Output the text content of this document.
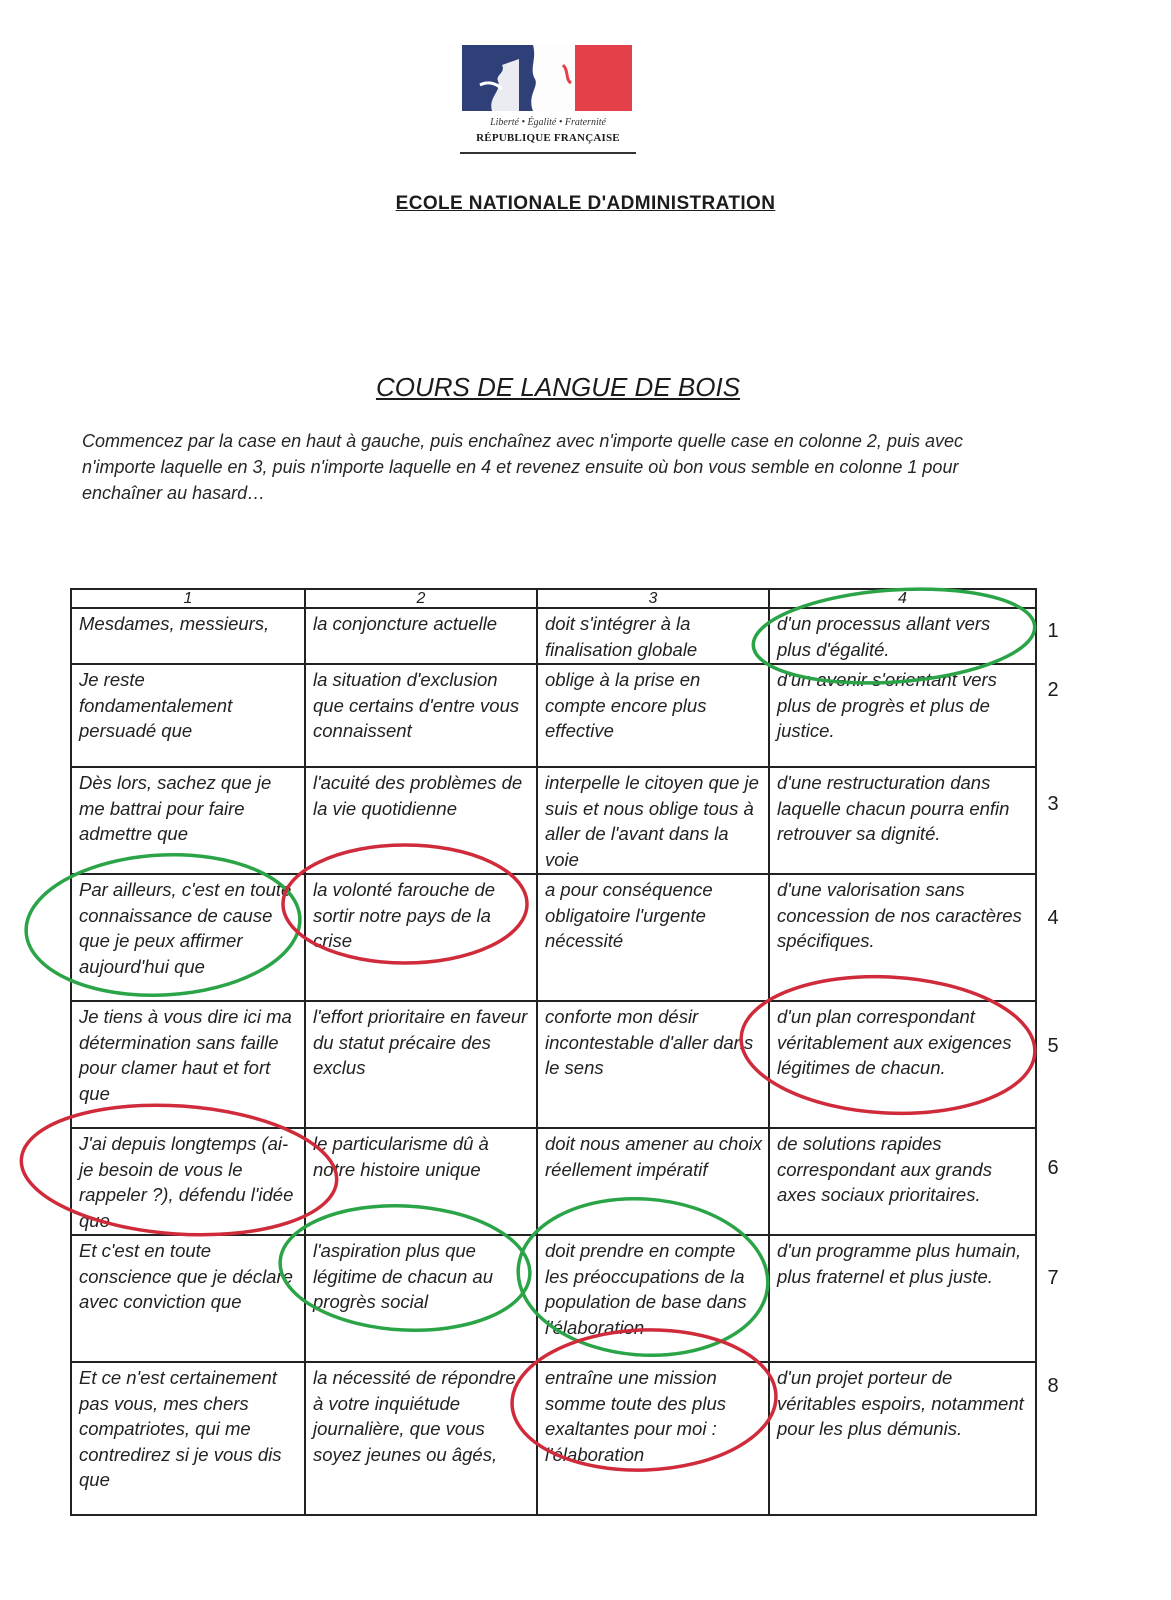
Liberté • Égalité • Fraternité
RÉPUBLIQUE FRANÇAISE
ECOLE NATIONALE D'ADMINISTRATION
COURS DE LANGUE DE BOIS
Commencez par la case en haut à gauche, puis enchaînez avec n'importe quelle case en colonne 2, puis avec n'importe laquelle en 3, puis n'importe laquelle en 4 et revenez ensuite où bon vous semble en colonne 1 pour enchaîner au hasard…
1	2	3	4
Mesdames, messieurs,	la conjoncture actuelle	doit s'intégrer à la finalisation globale	d'un processus allant vers plus d'égalité.
Je reste fondamentalement persuadé que	la situation d'exclusion que certains d'entre vous connaissent	oblige à la prise en compte encore plus effective	d'un avenir s'orientant vers plus de progrès et plus de justice.
Dès lors, sachez que je me battrai pour faire admettre que	l'acuité des problèmes de la vie quotidienne	interpelle le citoyen que je suis et nous oblige tous à aller de l'avant dans la voie	d'une restructuration dans laquelle chacun pourra enfin retrouver sa dignité.
Par ailleurs, c'est en toute connaissance de cause que je peux affirmer aujourd'hui que	la volonté farouche de sortir notre pays de la crise	a pour conséquence obligatoire l'urgente nécessité	d'une valorisation sans concession de nos caractères spécifiques.
Je tiens à vous dire ici ma détermination sans faille pour clamer haut et fort que	l'effort prioritaire en faveur du statut précaire des exclus	conforte mon désir incontestable d'aller dans le sens	d'un plan correspondant véritablement aux exigences légitimes de chacun.
J'ai depuis longtemps (ai-je besoin de vous le rappeler ?), défendu l'idée que	le particularisme dû à notre histoire unique	doit nous amener au choix réellement impératif	de solutions rapides correspondant aux grands axes sociaux prioritaires.
Et c'est en toute conscience que je déclare avec conviction que	l'aspiration plus que légitime de chacun au progrès social	doit prendre en compte les préoccupations de la population de base dans l'élaboration	d'un programme plus humain, plus fraternel et plus juste.
Et ce n'est certainement pas vous, mes chers compatriotes, qui me contredirez si je vous dis que	la nécessité de répondre à votre inquiétude journalière, que vous soyez jeunes ou âgés,	entraîne une mission somme toute des plus exaltantes pour moi : l'élaboration	d'un projet porteur de véritables espoirs, notamment pour les plus démunis.
1
2
3
4
5
6
7
8
